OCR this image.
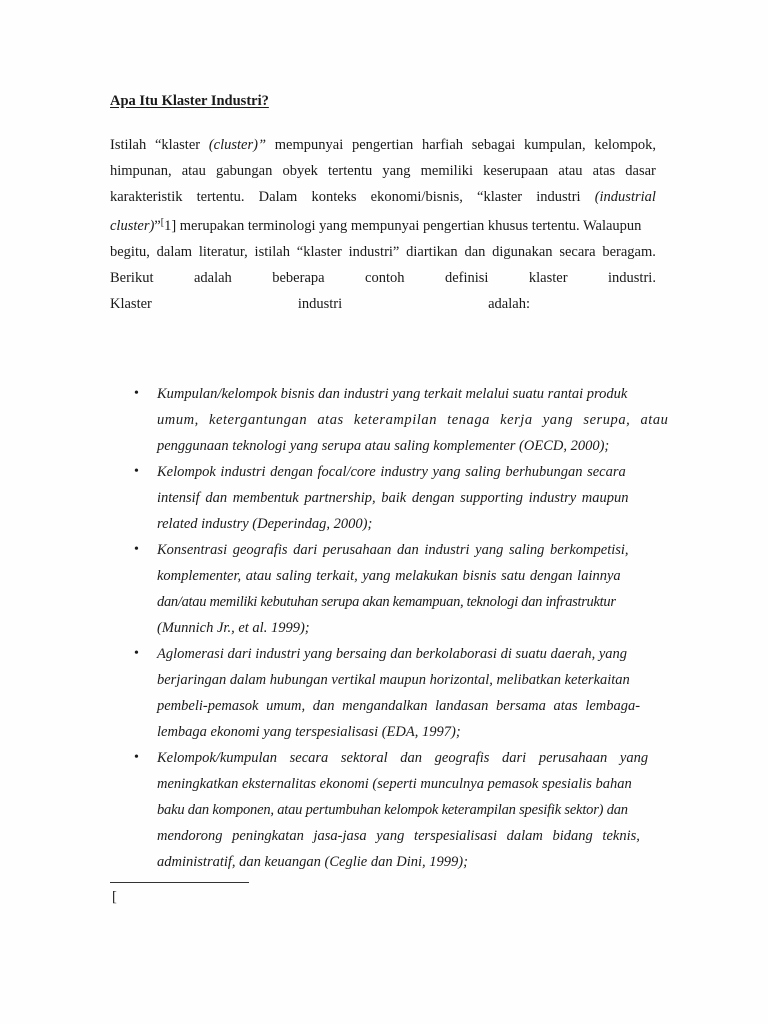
Apa Itu Klaster Industri?
Istilah “klaster (cluster)” mempunyai pengertian harfiah sebagai kumpulan, kelompok,
himpunan, atau gabungan obyek tertentu yang memiliki keserupaan atau atas dasar
karakteristik tertentu. Dalam konteks ekonomi/bisnis, “klaster industri (industrial
cluster)”[1] merupakan terminologi yang mempunyai pengertian khusus tertentu. Walaupun
begitu, dalam literatur, istilah “klaster industri” diartikan dan digunakan secara beragam.
Berikut	adalah	beberapa	contoh	definisi	klaster	industri.
Klaster	industri	adalah:
• Kumpulan/kelompok bisnis dan industri yang terkait melalui suatu rantai produk
umum, ketergantungan atas keterampilan tenaga kerja yang serupa, atau
penggunaan teknologi yang serupa atau saling komplementer (OECD, 2000);
• Kelompok industri dengan focal/core industry yang saling berhubungan secara
intensif dan membentuk partnership, baik dengan supporting industry maupun
related industry (Deperindag, 2000);
• Konsentrasi geografis dari perusahaan dan industri yang saling berkompetisi,
komplementer, atau saling terkait, yang melakukan bisnis satu dengan lainnya
dan/atau memiliki kebutuhan serupa akan kemampuan, teknologi dan infrastruktur
(Munnich Jr., et al. 1999);
• Aglomerasi dari industri yang bersaing dan berkolaborasi di suatu daerah, yang
berjaringan dalam hubungan vertikal maupun horizontal, melibatkan keterkaitan
pembeli-pemasok umum, dan mengandalkan landasan bersama atas lembaga-
lembaga ekonomi yang terspesialisasi (EDA, 1997);
• Kelompok/kumpulan secara sektoral dan geografis dari perusahaan yang
meningkatkan eksternalitas ekonomi (seperti munculnya pemasok spesialis bahan
baku dan komponen, atau pertumbuhan kelompok keterampilan spesifik sektor) dan
mendorong peningkatan jasa-jasa yang terspesialisasi dalam bidang teknis,
administratif, dan keuangan (Ceglie dan Dini, 1999);
[
